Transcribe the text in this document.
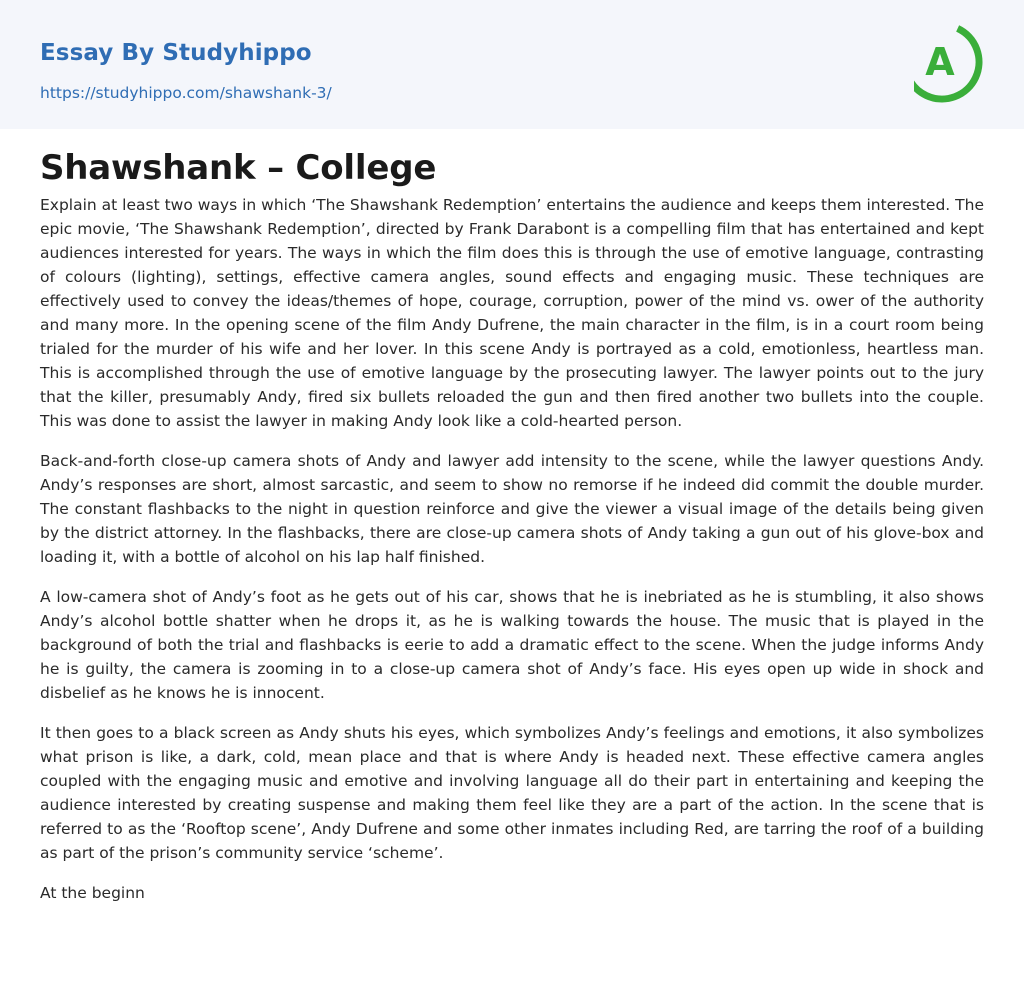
Essay By Studyhippo
https://studyhippo.com/shawshank-3/
A
Shawshank – College

Explain at least two ways in which ‘The Shawshank Redemption’ entertains the audience and keeps them interested. The epic movie, ‘The Shawshank Redemption’, directed by Frank Darabont is a compelling film that has entertained and kept audiences interested for years. The ways in which the film does this is through the use of emotive language, contrasting of colours (lighting), settings, effective camera angles, sound effects and engaging music. These techniques are effectively used to convey the ideas/themes of hope, courage, corruption, power of the mind vs. ower of the authority and many more. In the opening scene of the film Andy Dufrene, the main character in the film, is in a court room being trialed for the murder of his wife and her lover. In this scene Andy is portrayed as a cold, emotionless, heartless man. This is accomplished through the use of emotive language by the prosecuting lawyer. The lawyer points out to the jury that the killer, presumably Andy, fired six bullets reloaded the gun and then fired another two bullets into the couple. This was done to assist the lawyer in making Andy look like a cold-hearted person.

Back-and-forth close-up camera shots of Andy and lawyer add intensity to the scene, while the lawyer questions Andy. Andy’s responses are short, almost sarcastic, and seem to show no remorse if he indeed did commit the double murder. The constant flashbacks to the night in question reinforce and give the viewer a visual image of the details being given by the district attorney. In the flashbacks, there are close-up camera shots of Andy taking a gun out of his glove-box and loading it, with a bottle of alcohol on his lap half finished.

A low-camera shot of Andy’s foot as he gets out of his car, shows that he is inebriated as he is stumbling, it also shows Andy’s alcohol bottle shatter when he drops it, as he is walking towards the house. The music that is played in the background of both the trial and flashbacks is eerie to add a dramatic effect to the scene. When the judge informs Andy he is guilty, the camera is zooming in to a close-up camera shot of Andy’s face. His eyes open up wide in shock and disbelief as he knows he is innocent.

It then goes to a black screen as Andy shuts his eyes, which symbolizes Andy’s feelings and emotions, it also symbolizes what prison is like, a dark, cold, mean place and that is where Andy is headed next. These effective camera angles coupled with the engaging music and emotive and involving language all do their part in entertaining and keeping the audience interested by creating suspense and making them feel like they are a part of the action. In the scene that is referred to as the ‘Rooftop scene’, Andy Dufrene and some other inmates including Red, are tarring the roof of a building as part of the prison’s community service ‘scheme’.

At the beginn
